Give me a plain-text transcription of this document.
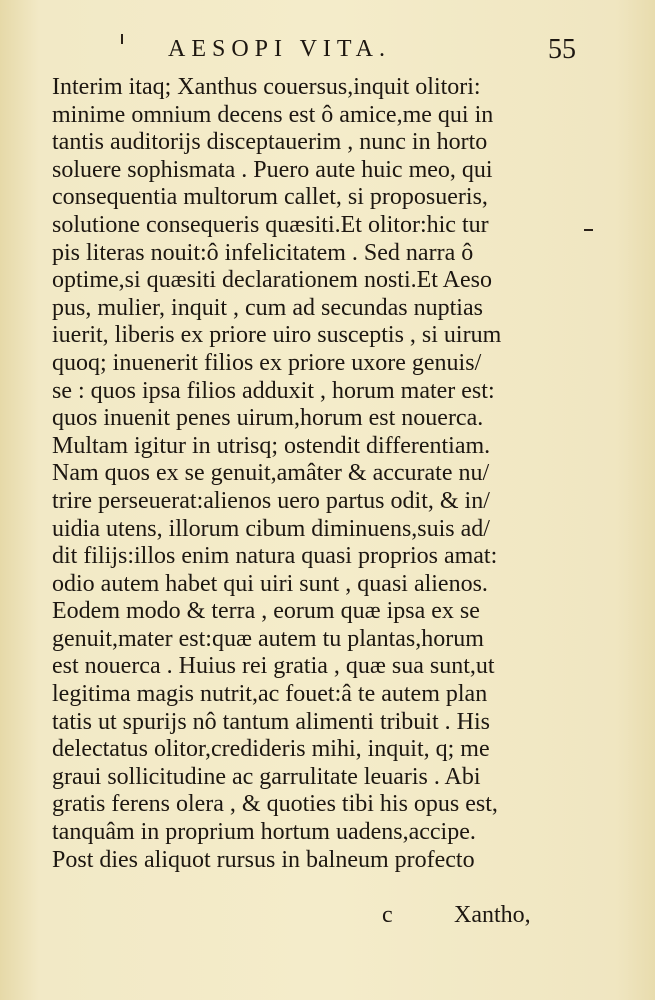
AESOPI VITA.	55
Interim itaq; Xanthus couersus,inquit olitori:
minime omnium decens est ô amice,me qui in
tantis auditorijs disceptauerim , nunc in horto
soluere sophismata . Puero aute huic meo, qui
consequentia multorum callet, si proposueris,
solutione consequeris quæsiti.Et olitor:hic tur
pis literas nouit:ô infelicitatem . Sed narra ô
optime,si quæsiti declarationem nosti.Et Aeso
pus, mulier, inquit , cum ad secundas nuptias
iuerit, liberis ex priore uiro susceptis , si uirum
quoq; inuenerit filios ex priore uxore genuis/
se : quos ipsa filios adduxit , horum mater est:
quos inuenit penes uirum,horum est nouerca.
Multam igitur in utrisq; ostendit differentiam.
Nam quos ex se genuit,amâter & accurate nu/
trire perseuerat:alienos uero partus odit, & in/
uidia utens, illorum cibum diminuens,suis ad/
dit filijs:illos enim natura quasi proprios amat:
odio autem habet qui uiri sunt , quasi alienos.
Eodem modo & terra , eorum quæ ipsa ex se
genuit,mater est:quæ autem tu plantas,horum
est nouerca . Huius rei gratia , quæ sua sunt,ut
legitima magis nutrit,ac fouet:â te autem plan
tatis ut spurijs nô tantum alimenti tribuit . His
delectatus olitor,credideris mihi, inquit, q; me
graui sollicitudine ac garrulitate leuaris . Abi
gratis ferens olera , & quoties tibi his opus est,
tanquâm in proprium hortum uadens,accipe.
Post dies aliquot rursus in balneum profecto
c	Xantho,
